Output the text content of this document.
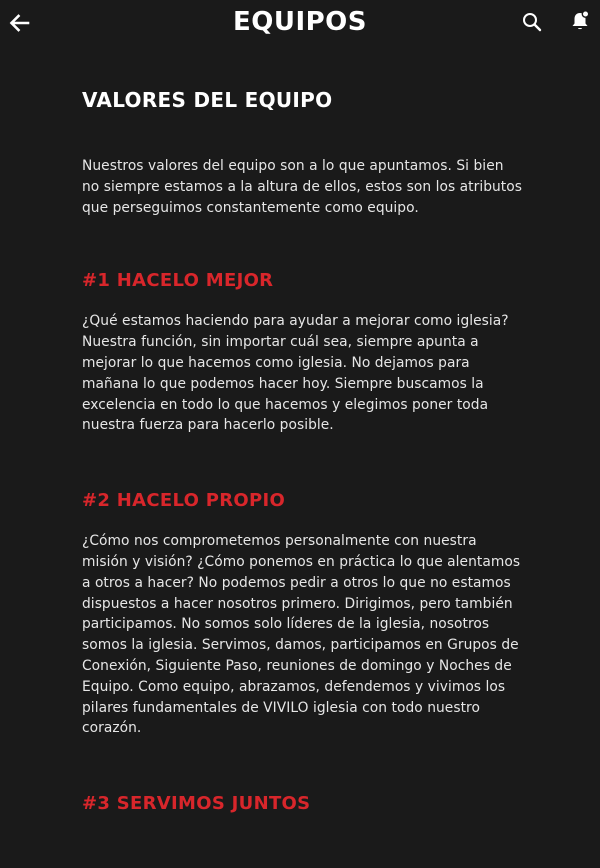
EQUIPOS
VALORES DEL EQUIPO

Nuestros valores del equipo son a lo que apuntamos. Si bien no siempre estamos a la altura de ellos, estos son los atributos que perseguimos constantemente como equipo.

#1 HACELO MEJOR

¿Qué estamos haciendo para ayudar a mejorar como iglesia? Nuestra función, sin importar cuál sea, siempre apunta a mejorar lo que hacemos como iglesia. No dejamos para mañana lo que podemos hacer hoy. Siempre buscamos la excelencia en todo lo que hacemos y elegimos poner toda nuestra fuerza para hacerlo posible.

#2 HACELO PROPIO

¿Cómo nos comprometemos personalmente con nuestra misión y visión? ¿Cómo ponemos en práctica lo que alentamos a otros a hacer? No podemos pedir a otros lo que no estamos dispuestos a hacer nosotros primero. Dirigimos, pero también participamos. No somos solo líderes de la iglesia, nosotros somos la iglesia. Servimos, damos, participamos en Grupos de Conexión, Siguiente Paso, reuniones de domingo y Noches de Equipo. Como equipo, abrazamos, defendemos y vivimos los pilares fundamentales de VIVILO iglesia con todo nuestro corazón.

#3 SERVIMOS JUNTOS
